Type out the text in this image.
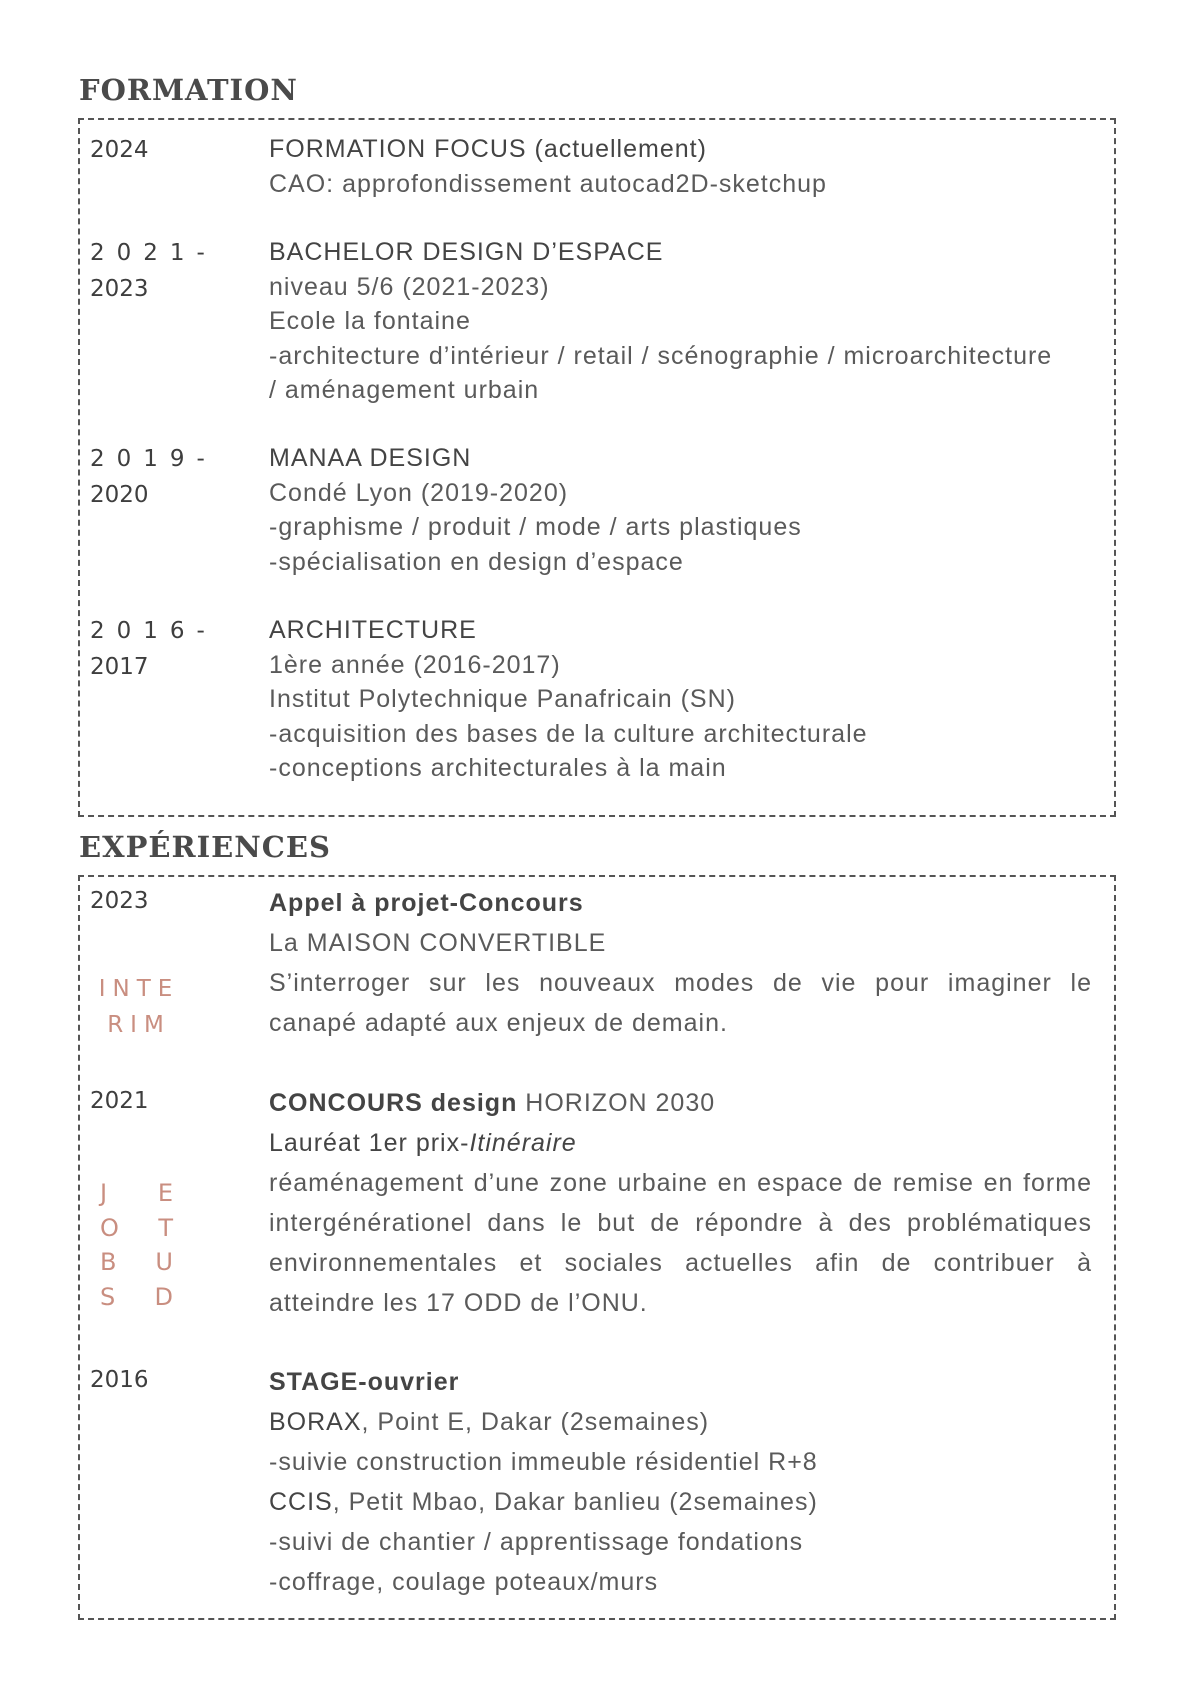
FORMATION
2024	FORMATION FOCUS (actuellement)
CAO: approfondissement autocad2D-sketchup
2021-
2023
BACHELOR DESIGN D’ESPACE
niveau 5/6 (2021-2023)
Ecole la fontaine
-architecture d’intérieur / retail / scénographie / microarchitecture
/ aménagement urbain
2019-
2020
MANAA DESIGN
Condé Lyon (2019-2020)
-graphisme / produit / mode / arts plastiques
-spécialisation en design d’espace
2016-
2017
ARCHITECTURE
1ère année (2016-2017)
Institut Polytechnique Panafricain (SN)
-acquisition des bases de la culture architecturale
-conceptions architecturales à la main
EXPÉRIENCES
2023
INTE
RIM
Appel à projet-Concours
La MAISON CONVERTIBLE
S’interroger sur les nouveaux modes de vie pour imaginer le
canapé adapté aux enjeux de demain.
2021
J E
O T
B U
S D
CONCOURS design HORIZON 2030
Lauréat 1er prix-Itinéraire
réaménagement d’une zone urbaine en espace de remise en forme
intergénérationel dans le but de répondre à des problématiques
environnementales et sociales actuelles afin de contribuer à
atteindre les 17 ODD de l’ONU.
2016	STAGE-ouvrier
BORAX, Point E, Dakar (2semaines)
-suivie construction immeuble résidentiel R+8
CCIS, Petit Mbao, Dakar banlieu (2semaines)
-suivi de chantier / apprentissage fondations
-coffrage, coulage poteaux/murs
